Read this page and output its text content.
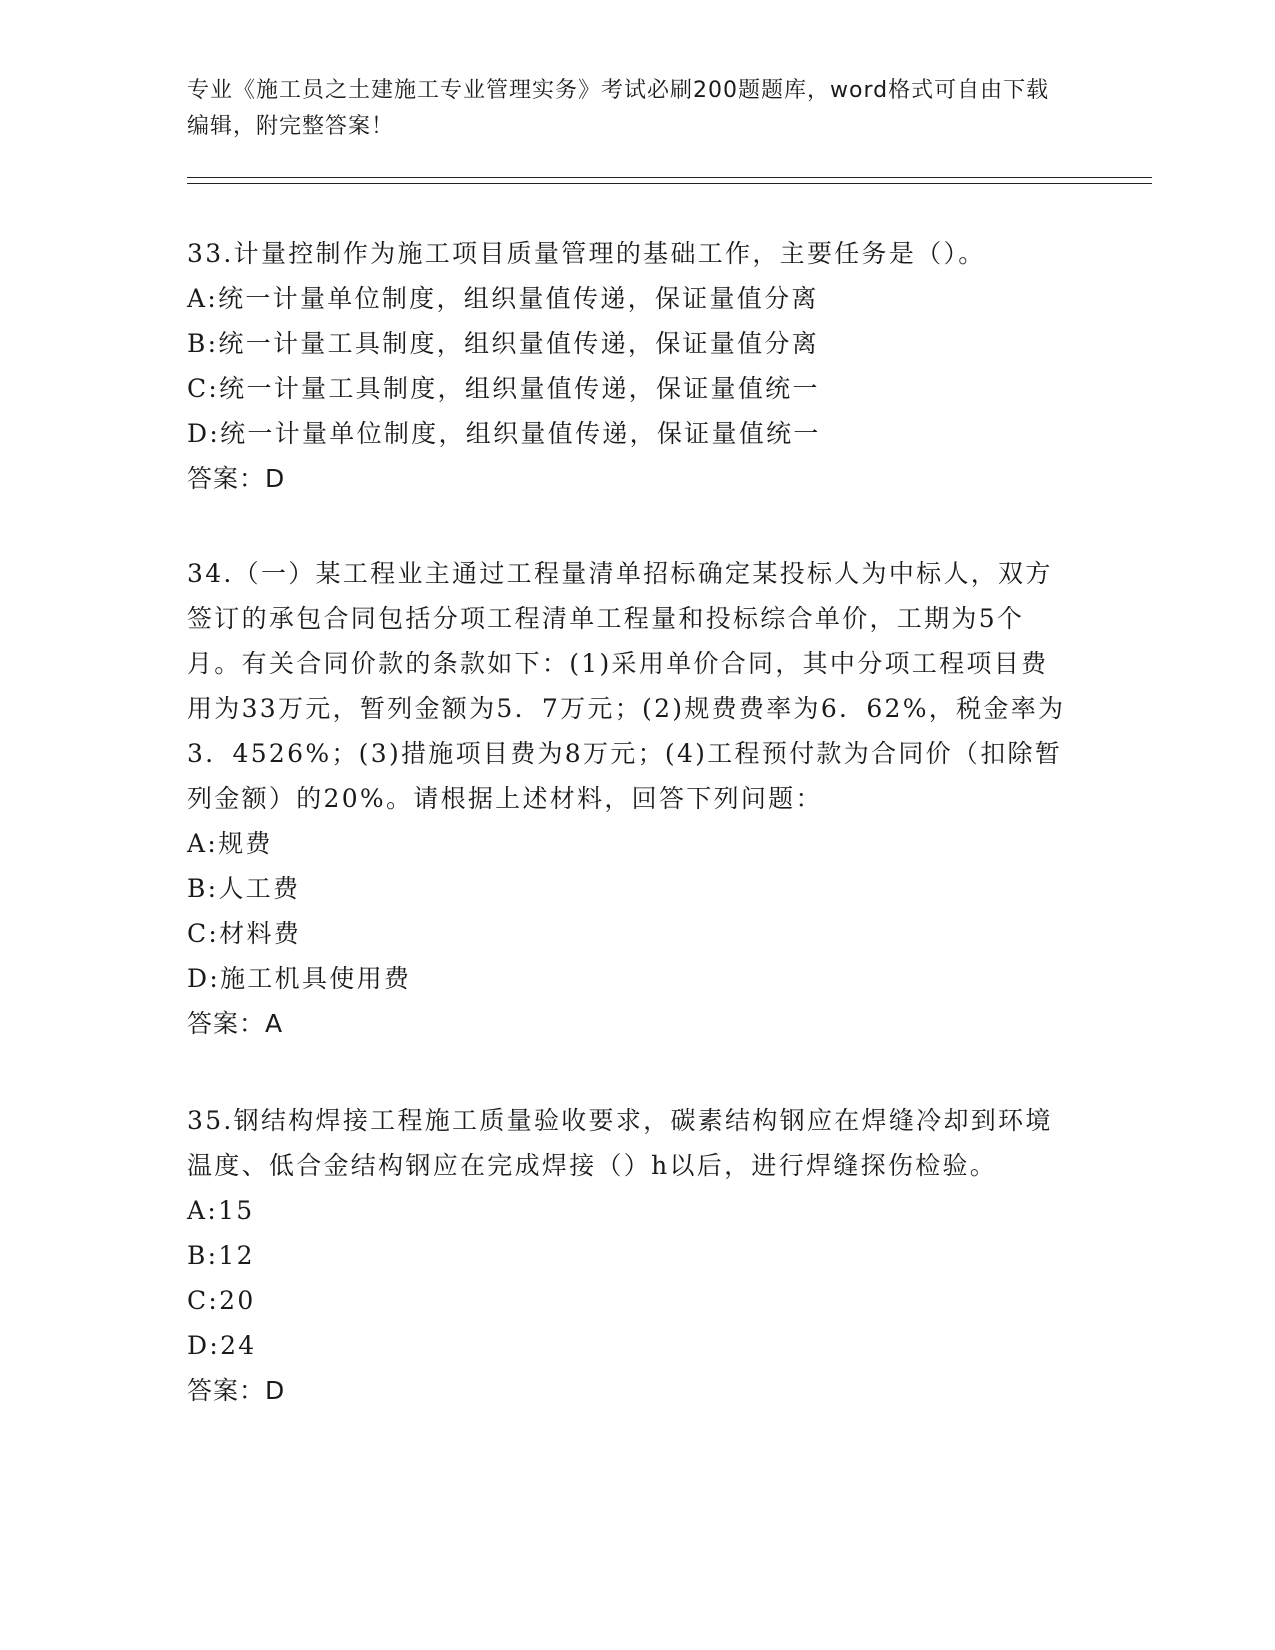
专业《施工员之土建施工专业管理实务》考试必刷200题题库，word格式可自由下载编辑，附完整答案！
33.计量控制作为施工项目质量管理的基础工作，主要任务是（）。
A:统一计量单位制度，组织量值传递，保证量值分离
B:统一计量工具制度，组织量值传递，保证量值分离
C:统一计量工具制度，组织量值传递，保证量值统一
D:统一计量单位制度，组织量值传递，保证量值统一
答案：D
34.（一）某工程业主通过工程量清单招标确定某投标人为中标人，双方签订的承包合同包括分项工程清单工程量和投标综合单价，工期为5个月。有关合同价款的条款如下：(1)采用单价合同，其中分项工程项目费用为33万元，暂列金额为5．7万元；(2)规费费率为6．62%，税金率为3．4526%；(3)措施项目费为8万元；(4)工程预付款为合同价（扣除暂列金额）的20%。请根据上述材料，回答下列问题：
A:规费
B:人工费
C:材料费
D:施工机具使用费
答案：A
35.钢结构焊接工程施工质量验收要求，碳素结构钢应在焊缝冷却到环境温度、低合金结构钢应在完成焊接（）h以后，进行焊缝探伤检验。
A:15
B:12
C:20
D:24
答案：D
